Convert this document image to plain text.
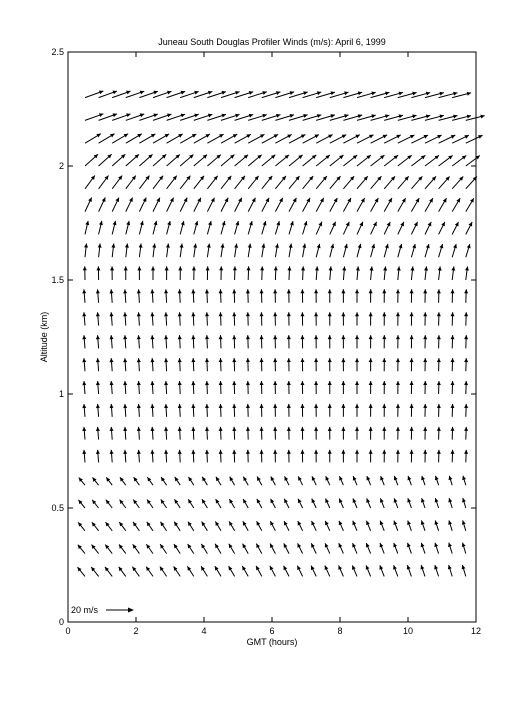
Juneau South Douglas Profiler Winds (m/s): April 6, 1999
0	2	4	6	8	10	12
0
0.5
1
1.5
2
2.5
GMT (hours)
Altitude (km)
20 m/s
